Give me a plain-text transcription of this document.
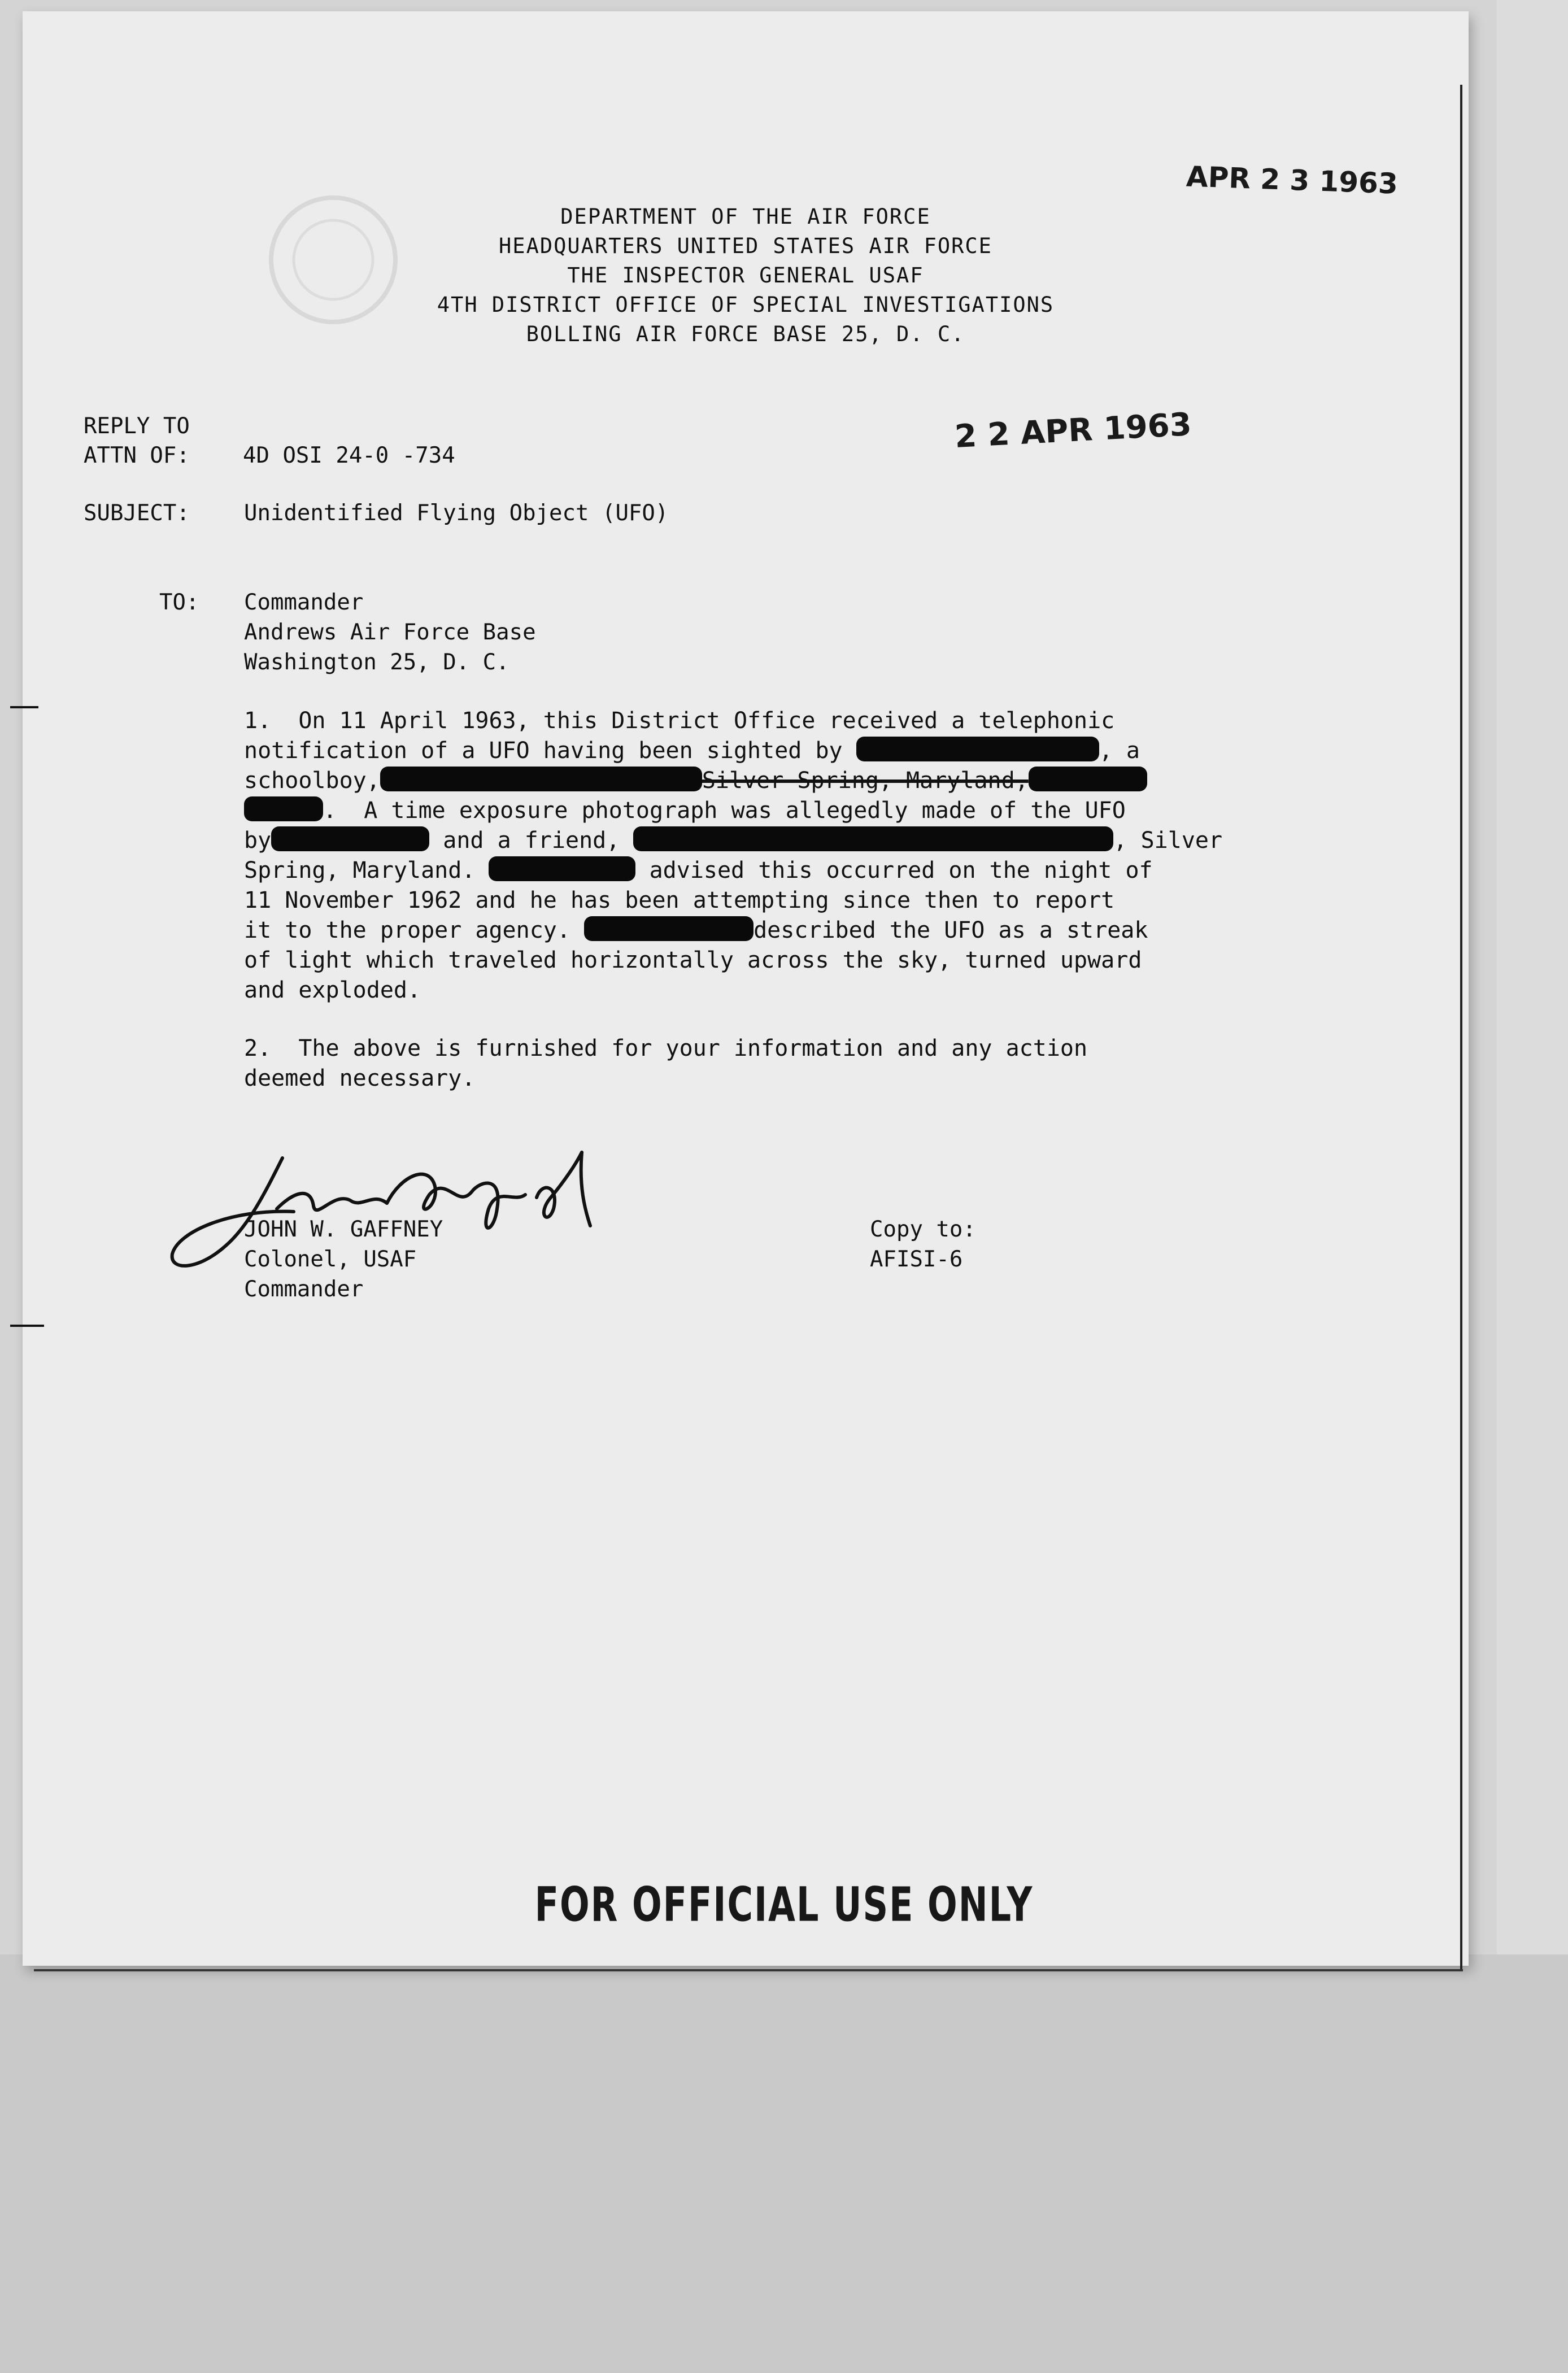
APR 2 3 1963
DEPARTMENT OF THE AIR FORCE
HEADQUARTERS UNITED STATES AIR FORCE
THE INSPECTOR GENERAL USAF
4TH DISTRICT OFFICE OF SPECIAL INVESTIGATIONS
BOLLING AIR FORCE BASE 25, D. C.
REPLY TO
ATTN OF: 4D OSI 24-0 -734
2 2 APR 1963
SUBJECT: Unidentified Flying Object (UFO)
TO: Commander
Andrews Air Force Base
Washington 25, D. C.
1.  On 11 April 1963, this District Office received a telephonic
notification of a UFO having been sighted by	, a
schoolboy,	Silver Spring, Maryland,
.  A time exposure photograph was allegedly made of the UFO
by	and a friend,	, Silver
Spring, Maryland.	advised this occurred on the night of
11 November 1962 and he has been attempting since then to report
it to the proper agency.	described the UFO as a streak
of light which traveled horizontally across the sky, turned upward
and exploded.
2.  The above is furnished for your information and any action
deemed necessary.
JOHN W. GAFFNEY
Colonel, USAF
Commander
Copy to:
AFISI-6
FOR OFFICIAL USE ONLY
